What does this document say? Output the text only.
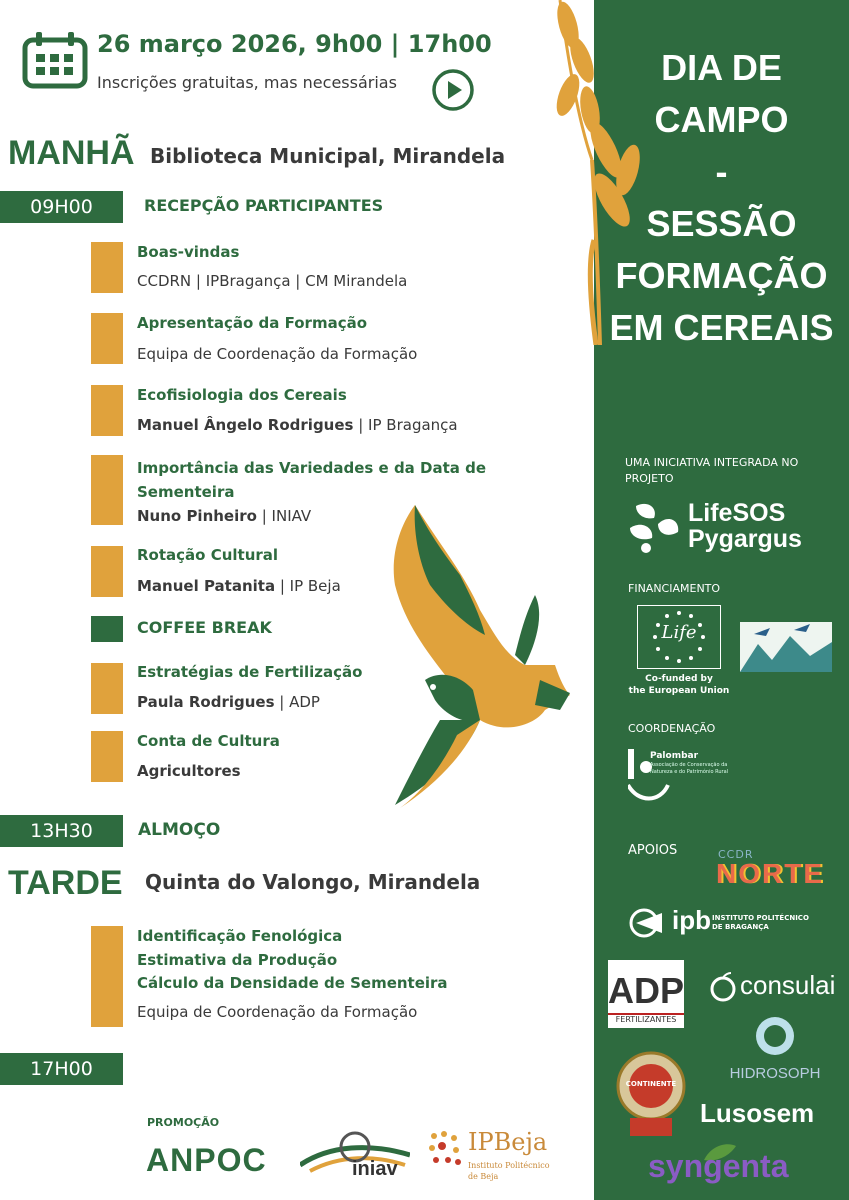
DIA DE
CAMPO
-
SESSÃO
FORMAÇÃO
EM CEREAIS
UMA INICIATIVA INTEGRADA NO PROJETO
LifeSOS
Pygargus
FINANCIAMENTO
Life
Co-funded by
the European Union
COORDENAÇÃO
Palombar
Associação de Conservação da Natureza e do Património Rural
APOIOS	CCDR
NORTE
ipb INSTITUTO POLITÉCNICO
DE BRAGANÇA
ADP
FERTILIZANTES
consulai
HIDROSOPH
CONTINENTE
Lusosem
syngenta
26 março 2026, 9h00 | 17h00
Inscrições gratuitas, mas necessárias
MANHÃ Biblioteca Municipal, Mirandela
09H00	RECEPÇÃO PARTICIPANTES
Boas-vindas
CCDRN | IPBragança | CM Mirandela
Apresentação da Formação
Equipa de Coordenação da Formação
Ecofisiologia dos Cereais
Manuel Ângelo Rodrigues | IP Bragança
Importância das Variedades e da Data de Sementeira
Nuno Pinheiro | INIAV
Rotação Cultural
Manuel Patanita | IP Beja
COFFEE BREAK
Estratégias de Fertilização
Paula Rodrigues | ADP
Conta de Cultura
Agricultores
13H30	ALMOÇO
TARDE Quinta do Valongo, Mirandela
Identificação Fenológica
Estimativa da Produção
Cálculo da Densidade de Sementeira
Equipa de Coordenação da Formação
17H00
PROMOÇÃO
ANPOC	iniav
IPBeja
Instituto Politécnico
de Beja
